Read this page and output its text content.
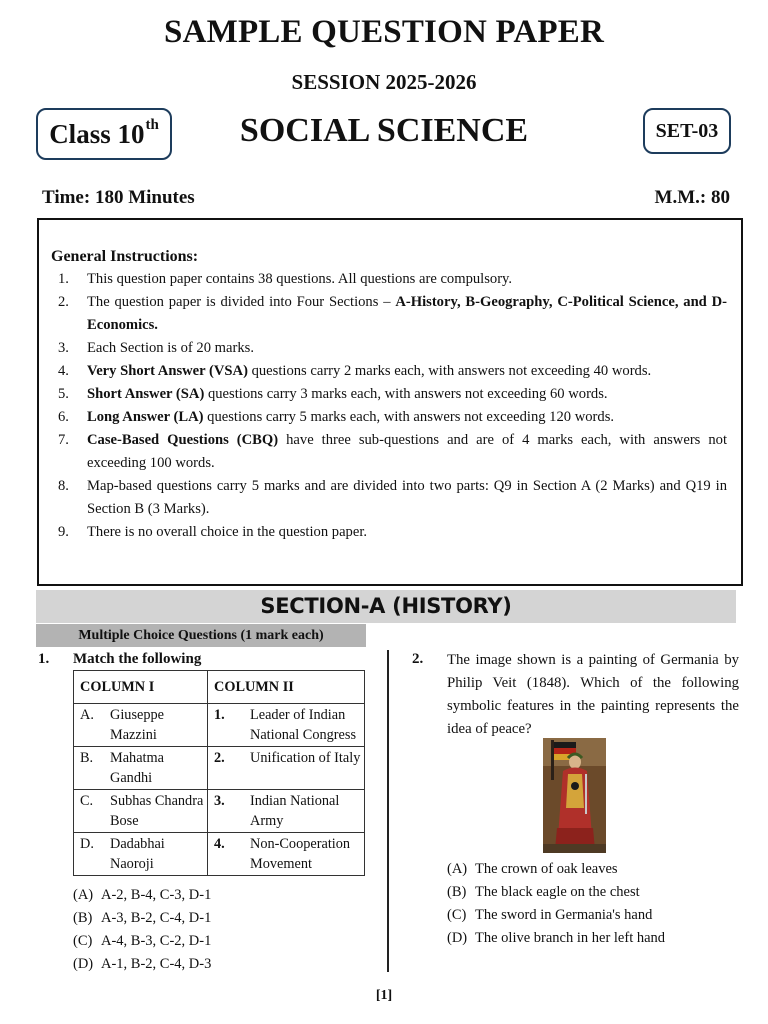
SAMPLE QUESTION PAPER
SESSION 2025-2026
Class 10th	SOCIAL SCIENCE	SET-03
Time: 180 Minutes	M.M.: 80
General Instructions:
1.	This question paper contains 38 questions. All questions are compulsory.
2.	The question paper is divided into Four Sections – A-History, B-Geography, C-Political Science, and D-Economics.
3.	Each Section is of 20 marks.
4.	Very Short Answer (VSA) questions carry 2 marks each, with answers not exceeding 40 words.
5.	Short Answer (SA) questions carry 3 marks each, with answers not exceeding 60 words.
6.	Long Answer (LA) questions carry 5 marks each, with answers not exceeding 120 words.
7.	Case-Based Questions (CBQ) have three sub-questions and are of 4 marks each, with answers not exceeding 100 words.
8.	Map-based questions carry 5 marks and are divided into two parts: Q9 in Section A (2 Marks) and Q19 in Section B (3 Marks).
9.	There is no overall choice in the question paper.
SECTION-A (HISTORY)
Multiple Choice Questions (1 mark each)
1. Match the following
COLUMN I	COLUMN II

A. Giuseppe Mazzini	1. Leader of Indian National Congress

B. Mahatma Gandhi	2. Unification of Italy

C. Subhas Chandra Bose	3. Indian National Army

D. Dadabhai Naoroji	4. Non-Cooperation Movement
(A) A-2, B-4, C-3, D-1
(B) A-3, B-2, C-4, D-1
(C) A-4, B-3, C-2, D-1
(D) A-1, B-2, C-4, D-3
2. The image shown is a painting of Germania by Philip Veit (1848). Which of the following symbolic features in the painting represents the idea of peace?
(A) The crown of oak leaves
(B) The black eagle on the chest
(C) The sword in Germania's hand
(D) The olive branch in her left hand
[1]
